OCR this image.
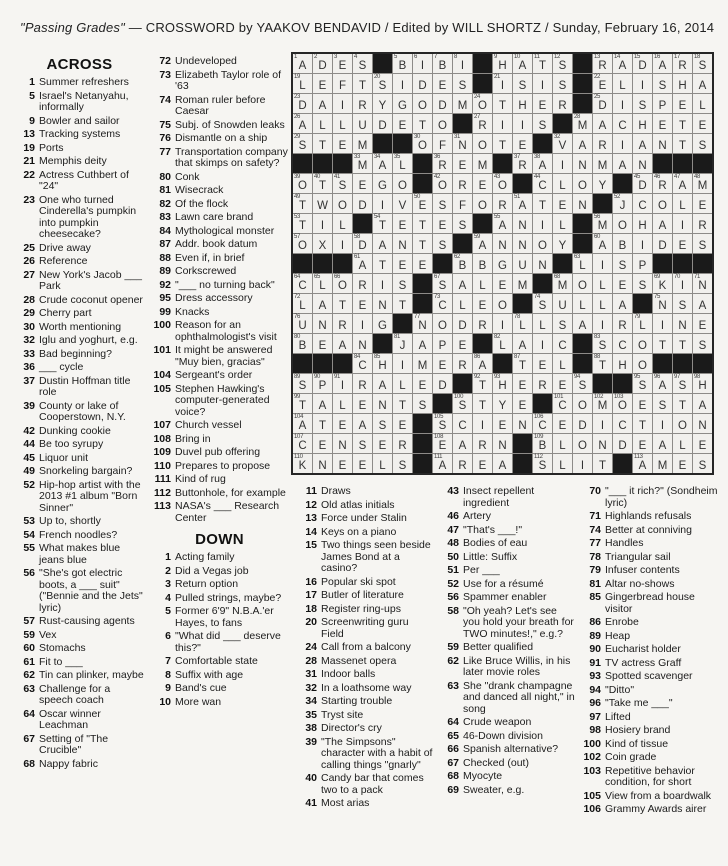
"Passing Grades" — CROSSWORD by YAAKOV BENDAVID / Edited by WILL SHORTZ / Sunday, February 16, 2014
ACROSS
1 Summer refreshers
5 Israel's Netanyahu, informally
9 Bowler and sailor
13 Tracking systems
19 Ports
21 Memphis deity
22 Actress Cuthbert of "24"
23 One who turned Cinderella's pumpkin into pumpkin cheesecake?
25 Drive away
26 Reference
27 New York's Jacob ___ Park
28 Crude coconut opener
29 Cherry part
30 Worth mentioning
32 Iglu and yoghurt, e.g.
33 Bad beginning?
36 ___ cycle
37 Dustin Hoffman title role
39 County or lake of Cooperstown, N.Y.
42 Dunking cookie
44 Be too syrupy
45 Liquor unit
49 Snorkeling bargain?
52 Hip-hop artist with the 2013 #1 album "Born Sinner"
53 Up to, shortly
54 French noodles?
55 What makes blue jeans blue
56 "She's got electric boots, a ___ suit" ("Bennie and the Jets" lyric)
57 Rust-causing agents
59 Vex
60 Stomachs
61 Fit to ___
62 Tin can plinker, maybe
63 Challenge for a speech coach
64 Oscar winner Leachman
67 Setting of "The Crucible"
68 Nappy fabric
72 Undeveloped
73 Elizabeth Taylor role of '63
74 Roman ruler before Caesar
75 Subj. of Snowden leaks
76 Dismantle on a ship
77 Transportation company that skimps on safety?
80 Conk
81 Wisecrack
82 Of the flock
83 Lawn care brand
84 Mythological monster
87 Addr. book datum
88 Even if, in brief
89 Corkscrewed
92 "___ no turning back"
95 Dress accessory
99 Knacks
100 Reason for an ophthalmologist's visit
101 It might be answered "Muy bien, gracias"
104 Sergeant's order
105 Stephen Hawking's computer-generated voice?
107 Church vessel
108 Bring in
109 Duvel pub offering
110 Prepares to propose
111 Kind of rug
112 Buttonhole, for example
113 NASA's ___ Research Center
DOWN
1 Acting family
2 Did a Vegas job
3 Return option
4 Pulled strings, maybe?
5 Former 6'9" N.B.A.'er Hayes, to fans
6 "What did ___ deserve this?"
7 Comfortable state
8 Suffix with age
9 Band's cue
10 More wan
1
A
2
D
3
E
4
S
5
B
6
I
7
B
8
I
9
H
10
A
11
T
12
S
13
R
14
A
15
D
16
A
17
R
18
S
19
L E F T
20
S I D E S
21
I S I S
22
E L I S H A
23
D A I R Y G O D M
24
O T H E R
25
D I S P E L
26
A L L U D E T O
27
R I I S
28
M A C H E T E
29
S T E M
30
O F
31
N O T E
32
V A R I A N T S
33
M
34
A
35
L
36
R E M
37
R
38
A I N M A N
39
O
40
T
41
S E G O
42
O R E
43
O
44
C L O Y
45
D
46
R
47
A
48
M
49
T W O D I V
50
E S F O R
51
A T E N
52
J C O L E
53
T I L
54
T E T E S
55
A N I L
56
M O H A I R
57
O X I
58
D A N T S
59
A N N O Y
60
A B I D E S
61
A T E E
62
B B G U N
63
L I S P
64
C
65
L
66
O R I S
67
S A L E M
68
M O L E S
69
K
70
I
71
N
72
L A T E N T
73
C L E O
74
S U L L A
75
N S A
76
U N R I G
77
N O D R I
78
L L S A I R
79
L I N E
80
B E A N
81
J A P E
82
L A I C
83
S C O T T S
84
C
85
H I M E R
86
A
87
T E L
88
T H O
89
S
90
P
91
I R A L E D
92
T
93
H E R E
94
S
95
S
96
A
97
S
98
H
99
T A L E N T S
100
S T Y E
101
C O
102
M
103
O E S T A
104
A T E A S E
105
S C I E N
106
C E D I C T I O N
107
C E N S E R
108
E A R N
109
B L O N D E A L E
110
K N E E L S
111
A R E A
112
S L I T
113
A M E S
11 Draws
12 Old atlas initials
13 Force under Stalin
14 Keys on a piano
15 Two things seen beside James Bond at a casino?
16 Popular ski spot
17 Butler of literature
18 Register ring-ups
20 Screenwriting guru Field
24 Call from a balcony
28 Massenet opera
31 Indoor balls
32 In a loathsome way
34 Starting trouble
35 Tryst site
38 Director's cry
39 "The Simpsons" character with a habit of calling things "gnarly"
40 Candy bar that comes two to a pack
41 Most arias
43 Insect repellent ingredient
46 Artery
47 "That's ___!"
48 Bodies of eau
50 Little: Suffix
51 Per ___
52 Use for a résumé
56 Spammer enabler
58 "Oh yeah? Let's see you hold your breath for TWO minutes!," e.g.?
59 Better qualified
62 Like Bruce Willis, in his later movie roles
63 She "drank champagne and danced all night," in song
64 Crude weapon
65 46-Down division
66 Spanish alternative?
67 Checked (out)
68 Myocyte
69 Sweater, e.g.
70 "___ it rich?" (Sondheim lyric)
71 Highlands refusals
74 Better at conniving
77 Handles
78 Triangular sail
79 Infuser contents
81 Altar no-shows
85 Gingerbread house visitor
86 Enrobe
89 Heap
90 Eucharist holder
91 TV actress Graff
93 Spotted scavenger
94 "Ditto"
96 "Take me ___"
97 Lifted
98 Hosiery brand
100 Kind of tissue
102 Coin grade
103 Repetitive behavior condition, for short
105 View from a boardwalk
106 Grammy Awards airer
